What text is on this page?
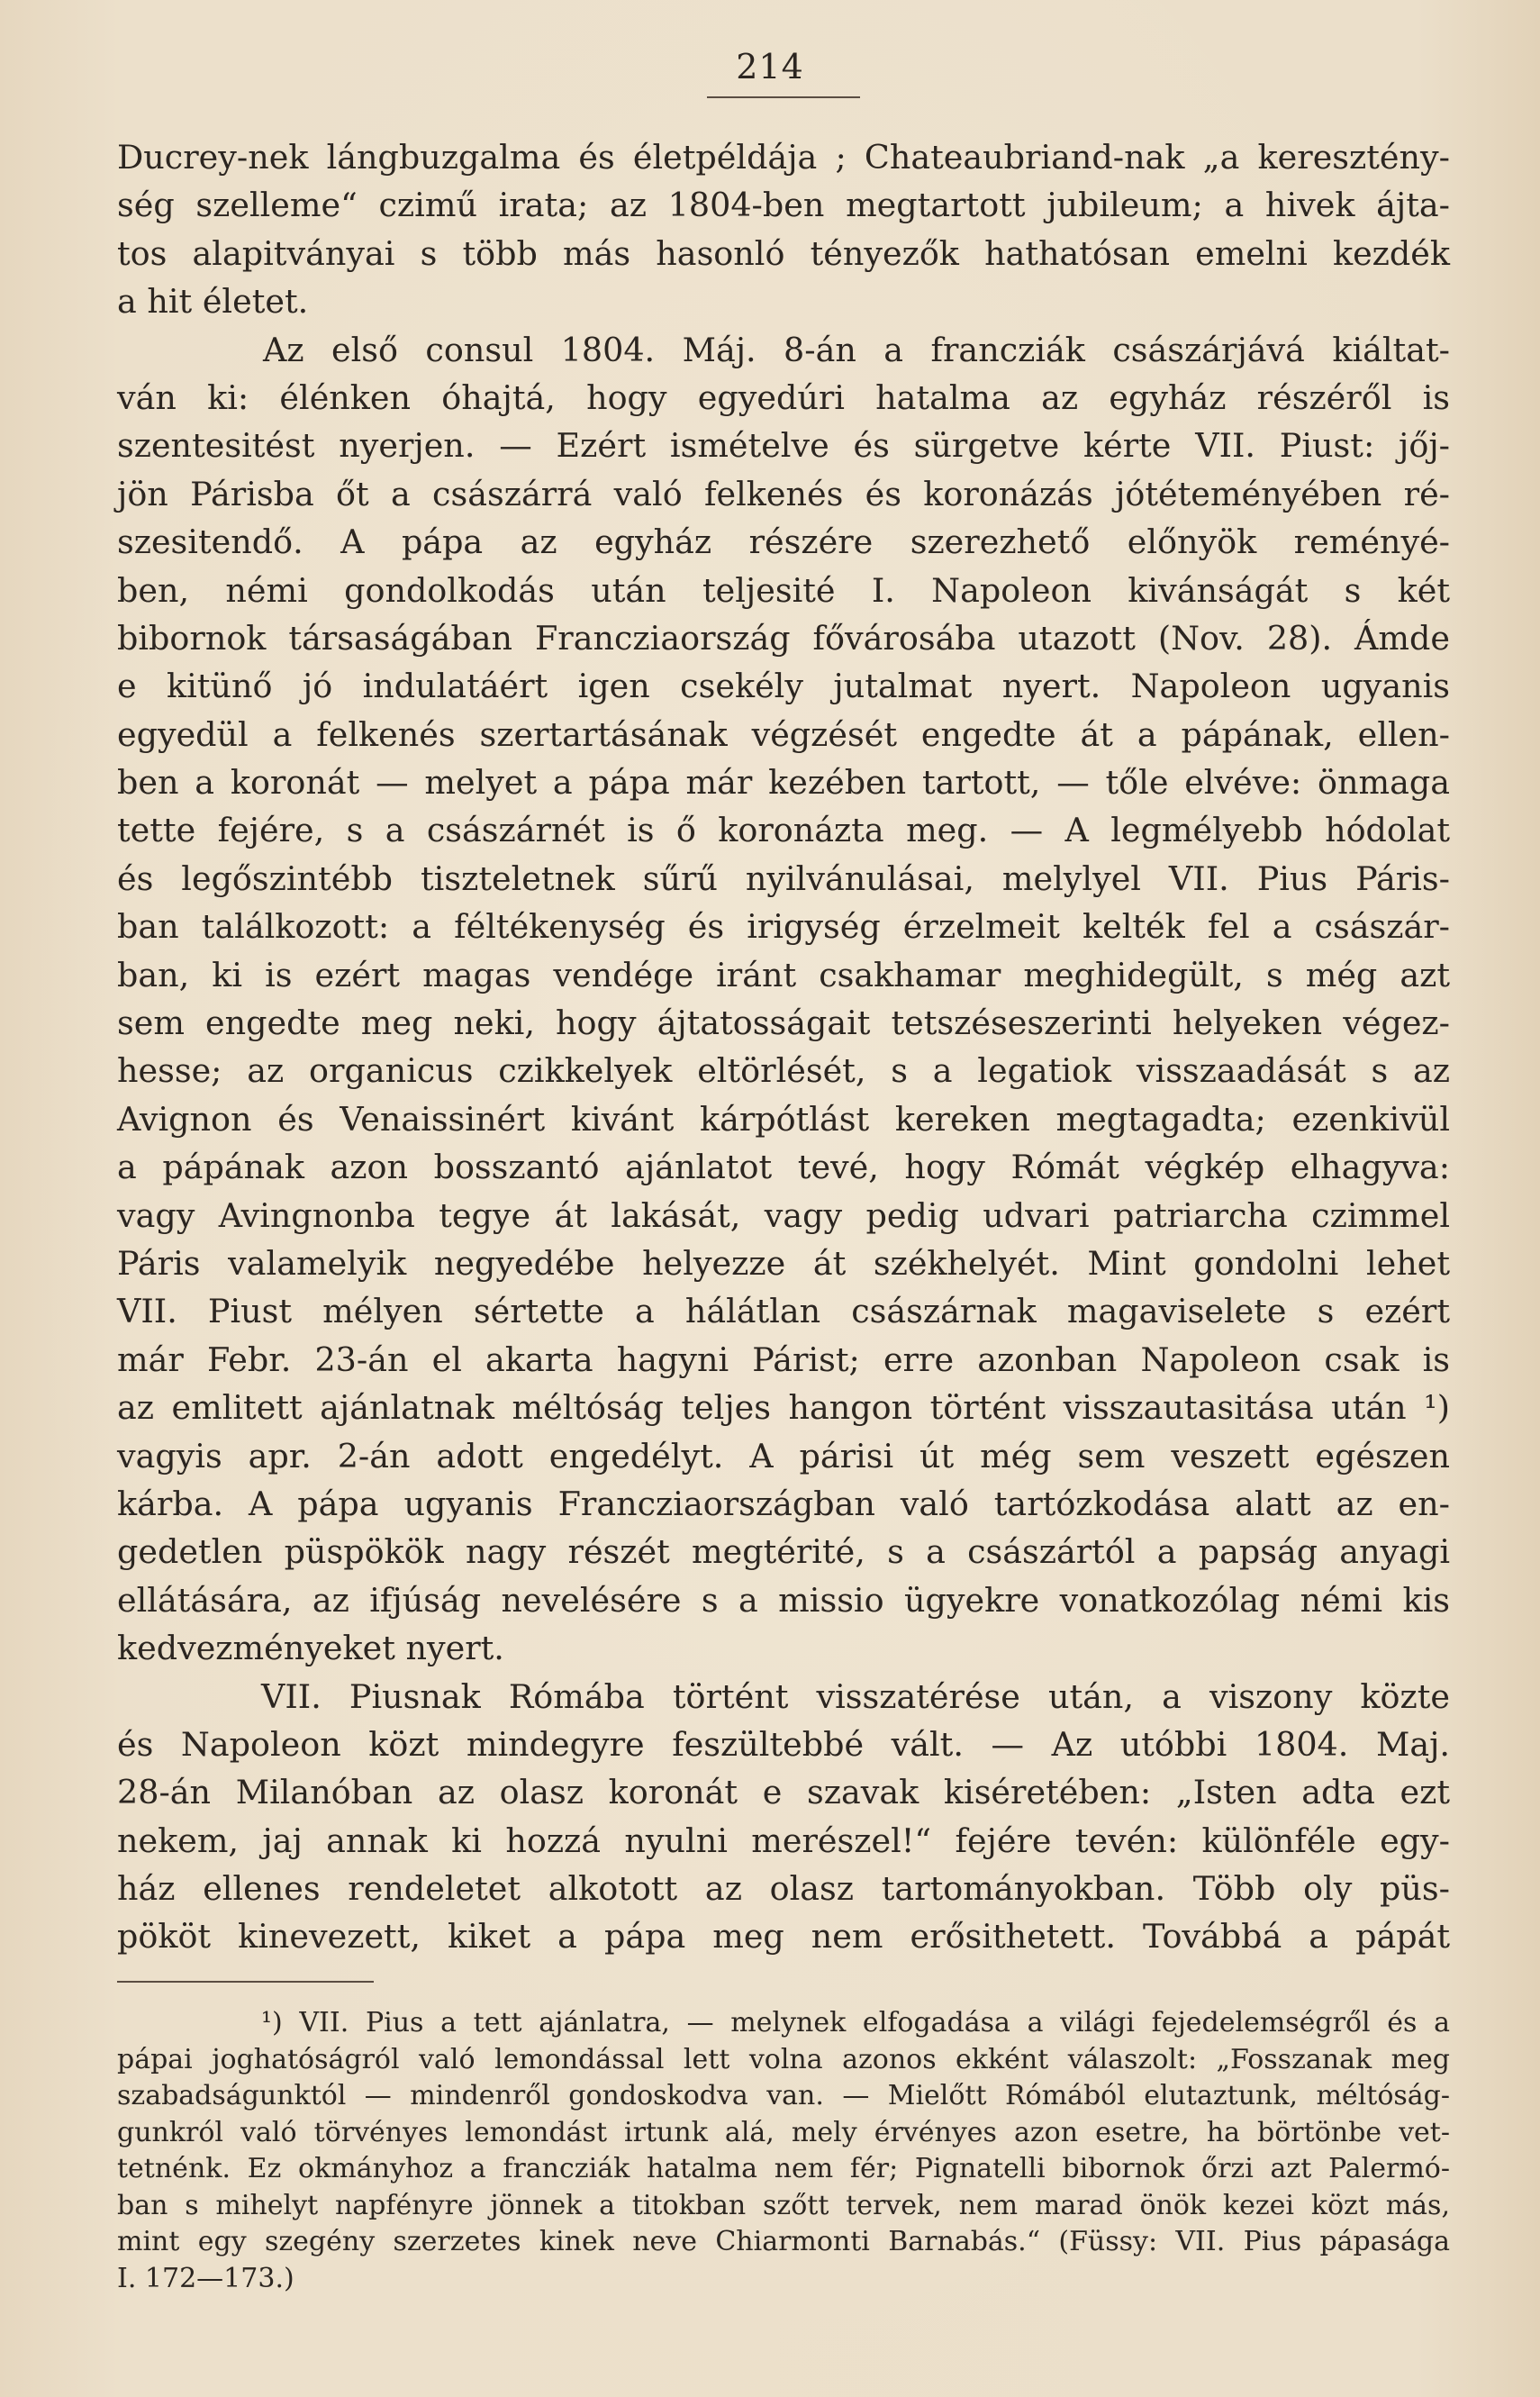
214
Ducrey-nek lángbuzgalma és életpéldája ; Chateaubriand-nak „a keresztény-
ség szelleme“ czimű irata; az 1804-ben megtartott jubileum; a hivek ájta-
tos alapitványai s több más hasonló tényezők hathatósan emelni kezdék
a hit életet.
Az első consul 1804. Máj. 8-án a francziák császárjává kiáltat-
ván ki: élénken óhajtá, hogy egyedúri hatalma az egyház részéről is
szentesitést nyerjen. — Ezért ismételve és sürgetve kérte VII. Piust: jőj-
jön Párisba őt a császárrá való felkenés és koronázás jótéteményében ré-
szesitendő. A pápa az egyház részére szerezhető előnyök reményé-
ben, némi gondolkodás után teljesité I. Napoleon kivánságát s két
bibornok társaságában Francziaország fővárosába utazott (Nov. 28). Ámde
e kitünő jó indulatáért igen csekély jutalmat nyert. Napoleon ugyanis
egyedül a felkenés szertartásának végzését engedte át a pápának, ellen-
ben a koronát — melyet a pápa már kezében tartott, — tőle elvéve: önmaga
tette fejére, s a császárnét is ő koronázta meg. — A legmélyebb hódolat
és legőszintébb tiszteletnek sűrű nyilvánulásai, melylyel VII. Pius Páris-
ban találkozott: a féltékenység és irigység érzelmeit kelték fel a császár-
ban, ki is ezért magas vendége iránt csakhamar meghidegült, s még azt
sem engedte meg neki, hogy ájtatosságait tetszéseszerinti helyeken végez-
hesse; az organicus czikkelyek eltörlését, s a legatiok visszaadását s az
Avignon és Venaissinért kivánt kárpótlást kereken megtagadta; ezenkivül
a pápának azon bosszantó ajánlatot tevé, hogy Rómát végkép elhagyva:
vagy Avingnonba tegye át lakását, vagy pedig udvari patriarcha czimmel
Páris valamelyik negyedébe helyezze át székhelyét. Mint gondolni lehet
VII. Piust mélyen sértette a hálátlan császárnak magaviselete s ezért
már Febr. 23-án el akarta hagyni Párist; erre azonban Napoleon csak is
az emlitett ajánlatnak méltóság teljes hangon történt visszautasitása után ¹)
vagyis apr. 2-án adott engedélyt. A párisi út még sem veszett egészen
kárba. A pápa ugyanis Francziaországban való tartózkodása alatt az en-
gedetlen püspökök nagy részét megtérité, s a császártól a papság anyagi
ellátására, az ifjúság nevelésére s a missio ügyekre vonatkozólag némi kis
kedvezményeket nyert.
VII. Piusnak Rómába történt visszatérése után, a viszony közte
és Napoleon közt mindegyre feszültebbé vált. — Az utóbbi 1804. Maj.
28-án Milanóban az olasz koronát e szavak kiséretében: „Isten adta ezt
nekem, jaj annak ki hozzá nyulni merészel!“ fejére tevén: különféle egy-
ház ellenes rendeletet alkotott az olasz tartományokban. Több oly püs-
pököt kinevezett, kiket a pápa meg nem erősithetett. Továbbá a pápát
¹) VII. Pius a tett ajánlatra, — melynek elfogadása a világi fejedelemségről és a
pápai joghatóságról való lemondással lett volna azonos ekként válaszolt: „Fosszanak meg
szabadságunktól — mindenről gondoskodva van. — Mielőtt Rómából elutaztunk, méltóság-
gunkról való törvényes lemondást irtunk alá, mely érvényes azon esetre, ha börtönbe vet-
tetnénk. Ez okmányhoz a francziák hatalma nem fér; Pignatelli bibornok őrzi azt Palermó-
ban s mihelyt napfényre jönnek a titokban szőtt tervek, nem marad önök kezei közt más,
mint egy szegény szerzetes kinek neve Chiarmonti Barnabás.“ (Füssy: VII. Pius pápasága
I. 172—173.)
